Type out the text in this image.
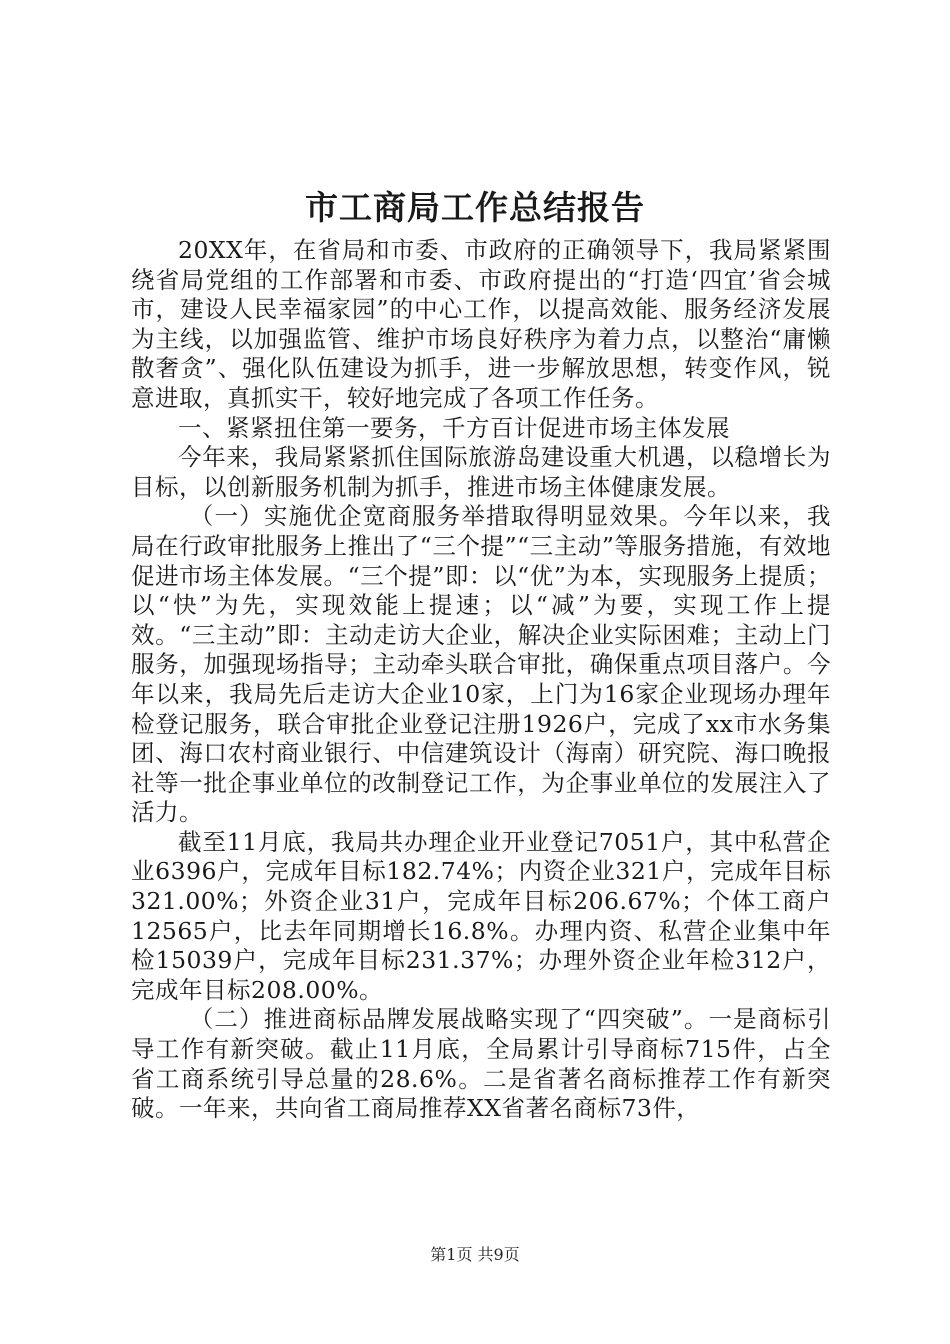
市工商局工作总结报告

20XX年，在省局和市委、市政府的正确领导下，我局紧紧围绕省局党组的工作部署和市委、市政府提出的“打造‘四宜’省会城市，建设人民幸福家园”的中心工作，以提高效能、服务经济发展为主线，以加强监管、维护市场良好秩序为着力点，以整治“庸懒散奢贪”、强化队伍建设为抓手，进一步解放思想，转变作风，锐意进取，真抓实干，较好地完成了各项工作任务。

一、紧紧扭住第一要务，千方百计促进市场主体发展

今年来，我局紧紧抓住国际旅游岛建设重大机遇，以稳增长为目标，以创新服务机制为抓手，推进市场主体健康发展。

（一）实施优企宽商服务举措取得明显效果。今年以来，我局在行政审批服务上推出了“三个提”“三主动”等服务措施，有效地促进市场主体发展。“三个提”即：以“优”为本，实现服务上提质；以“快”为先，实现效能上提速；以“减”为要，实现工作上提效。“三主动”即：主动走访大企业，解决企业实际困难；主动上门服务，加强现场指导；主动牵头联合审批，确保重点项目落户。今年以来，我局先后走访大企业10家，上门为16家企业现场办理年检登记服务，联合审批企业登记注册1926户，完成了xx市水务集团、海口农村商业银行、中信建筑设计（海南）研究院、海口晚报社等一批企事业单位的改制登记工作，为企事业单位的发展注入了活力。

截至11月底，我局共办理企业开业登记7051户，其中私营企业6396户，完成年目标182.74%；内资企业321户，完成年目标321.00%；外资企业31户，完成年目标206.67%；个体工商户12565户，比去年同期增长16.8%。办理内资、私营企业集中年检15039户，完成年目标231.37%；办理外资企业年检312户，完成年目标208.00%。

（二）推进商标品牌发展战略实现了“四突破”。一是商标引导工作有新突破。截止11月底，全局累计引导商标715件，占全省工商系统引导总量的28.6%。二是省著名商标推荐工作有新突破。一年来，共向省工商局推荐XX省著名商标73件，

第1页 共9页
